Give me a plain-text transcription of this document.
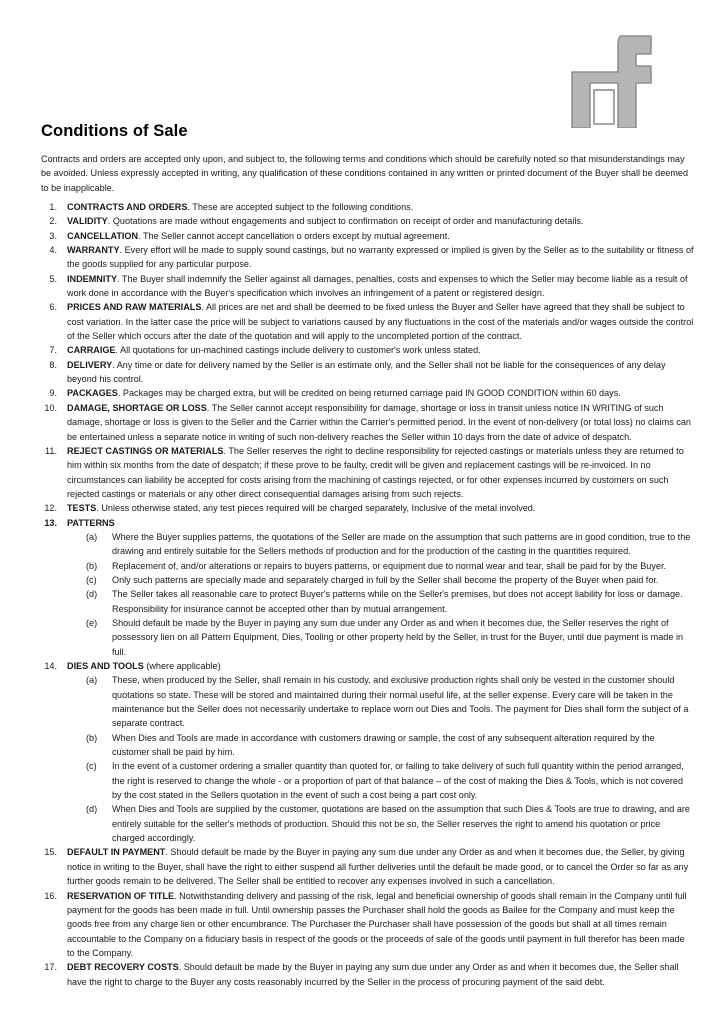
Conditions of Sale
Contracts and orders are accepted only upon, and subject to, the following terms and conditions which should be carefully noted so that misunderstandings may be avoided. Unless expressly accepted in writing, any qualification of these conditions contained in any written or printed document of the Buyer shall be deemed to be inapplicable.
1.	CONTRACTS AND ORDERS. These are accepted subject to the following conditions.
2.	VALIDITY. Quotations are made without engagements and subject to confirmation on receipt of order and manufacturing details.
3.	CANCELLATION. The Seller cannot accept cancellation o orders except by mutual agreement.
4.	WARRANTY. Every effort will be made to supply sound castings, but no warranty expressed or implied is given by the Seller as to the suitability or fitness of the goods supplied for any particular purpose.
5.	INDEMNITY. The Buyer shall indemnify the Seller against all damages, penalties, costs and expenses to which the Seller may become liable as a result of work done in accordance with the Buyer's specification which involves an infringement of a patent or registered design.
6.	PRICES AND RAW MATERIALS. All prices are net and shall be deemed to be fixed unless the Buyer and Seller have agreed that they shall be subject to cost variation. In the latter case the price will be subject to variations caused by any fluctuations in the cost of the materials and/or wages outside the control of the Seller which occurs after the date of the quotation and will apply to the uncompleted portion of the contract.
7.	CARRAIGE. All quotations for un-machined castings include delivery to customer's work unless stated.
8.	DELIVERY. Any time or date for delivery named by the Seller is an estimate only, and the Seller shall not be liable for the consequences of any delay beyond his control.
9.	PACKAGES. Packages may be charged extra, but will be credited on being returned carriage paid IN GOOD CONDITION within 60 days.
10.	DAMAGE, SHORTAGE OR LOSS. The Seller cannot accept responsibility for damage, shortage or loss in transit unless notice IN WRITING of such damage, shortage or loss is given to the Seller and the Carrier within the Carrier's permitted period. In the event of non-delivery (or total loss) no claims can be entertained unless a separate notice in writing of such non-delivery reaches the Seller within 10 days from the date of advice of despatch.
11.	REJECT CASTINGS OR MATERIALS. The Seller reserves the right to decline responsibility for rejected castings or materials unless they are returned to him within six months from the date of despatch; if these prove to be faulty, credit will be given and replacement castings will be re-invoiced. In no circumstances can liability be accepted for costs arising from the machining of castings rejected, or for other expenses incurred by customers on such rejected castings or materials or any other direct consequential damages arising from such rejects.
12.	TESTS. Unless otherwise stated, any test pieces required will be charged separately, Inclusive of the metal involved.
13.	PATTERNS
(a)	Where the Buyer supplies patterns, the quotations of the Seller are made on the assumption that such patterns are in good condition, true to the drawing and entirely suitable for the Sellers methods of production and for the production of the casting in the quantities required.
(b)	Replacement of, and/or alterations or repairs to buyers patterns, or equipment due to normal wear and tear, shall be paid for by the Buyer.
(c)	Only such patterns are specially made and separately charged in full by the Seller shall become the property of the Buyer when paid for.
(d)	The Seller takes all reasonable care to protect Buyer's patterns while on the Seller's premises, but does not accept liability for loss or damage. Responsibility for insurance cannot be accepted other than by mutual arrangement.
(e)	Should default be made by the Buyer in paying any sum due under any Order as and when it becomes due, the Seller reserves the right of possessory lien on all Pattern Equipment, Dies, Tooling or other property held by the Seller, in trust for the Buyer, until due payment is made in full.
14.	DIES AND TOOLS (where applicable)
(a)	These, when produced by the Seller, shall remain in his custody, and exclusive production rights shall only be vested in the customer should quotations so state. These will be stored and maintained during their normal useful life, at the seller expense. Every care will be taken in the maintenance but the Seller does not necessarily undertake to replace worn out Dies and Tools. The payment for Dies shall form the subject of a separate contract.
(b)	When Dies and Tools are made in accordance with customers drawing or sample, the cost of any subsequent alteration required by the customer shall be paid by him.
(c)	In the event of a customer ordering a smaller quantity than quoted for, or failing to take delivery of such full quantity within the period arranged, the right is reserved to change the whole - or a proportion of part of that balance – of the cost of making the Dies & Tools, which is not covered by the cost stated in the Sellers quotation in the event of such a cost being a part cost only.
(d)	When Dies and Tools are supplied by the customer, quotations are based on the assumption that such Dies & Tools are true to drawing, and are entirely suitable for the seller's methods of production. Should this not be so, the Seller reserves the right to amend his quotation or price charged accordingly.
15.	DEFAULT IN PAYMENT. Should default be made by the Buyer in paying any sum due under any Order as and when it becomes due, the Seller, by giving notice in writing to the Buyer, shall have the right to either suspend all further deliveries until the default be made good, or to cancel the Order so far as any further goods remain to be delivered. The Seller shall be entitled to recover any expenses involved in such a cancellation.
16.	RESERVATION OF TITLE. Notwithstanding delivery and passing of the risk, legal and beneficial ownership of goods shall remain in the Company until full payment for the goods has been made in full. Until ownership passes the Purchaser shall hold the goods as Bailee for the Company and must keep the goods free from any charge lien or other encumbrance. The Purchaser the Purchaser shall have possession of the goods but shall at all times remain accountable to the Company on a fiduciary basis in respect of the goods or the proceeds of sale of the goods until payment in full therefor has been made to the Company.
17.	DEBT RECOVERY COSTS. Should default be made by the Buyer in paying any sum due under any Order as and when it becomes due, the Seller shall have the right to charge to the Buyer any costs reasonably incurred by the Seller in the process of procuring payment of the said debt.
